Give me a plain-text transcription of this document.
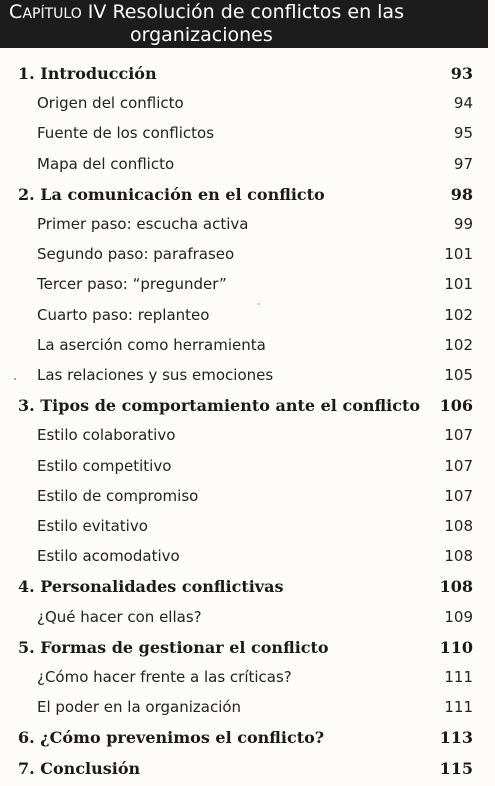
CAPÍTULO IV Resolución de conflictos en las
organizaciones
1. Introducción	93
Origen del conflicto	94
Fuente de los conflictos	95
Mapa del conflicto	97
2. La comunicación en el conflicto	98
Primer paso: escucha activa	99
Segundo paso: parafraseo	101
Tercer paso: “pregunder”	101
Cuarto paso: replanteo	102
La aserción como herramienta	102
Las relaciones y sus emociones	105
3. Tipos de comportamiento ante el conflicto 106
Estilo colaborativo	107
Estilo competitivo	107
Estilo de compromiso	107
Estilo evitativo	108
Estilo acomodativo	108
4. Personalidades conflictivas	108
¿Qué hacer con ellas?	109
5. Formas de gestionar el conflicto	110
¿Cómo hacer frente a las críticas?	111
El poder en la organización	111
6. ¿Cómo prevenimos el conflicto?	113
7. Conclusión	115
